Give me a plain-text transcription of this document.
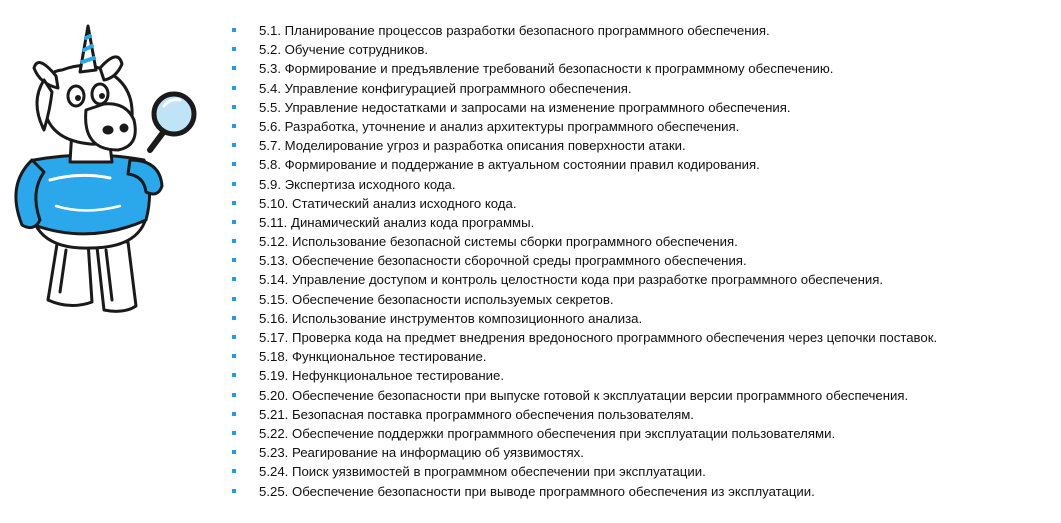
5.1. Планирование процессов разработки безопасного программного обеспечения.
5.2. Обучение сотрудников.
5.3. Формирование и предъявление требований безопасности к программному обеспечению.
5.4. Управление конфигурацией программного обеспечения.
5.5. Управление недостатками и запросами на изменение программного обеспечения.
5.6. Разработка, уточнение и анализ архитектуры программного обеспечения.
5.7. Моделирование угроз и разработка описания поверхности атаки.
5.8. Формирование и поддержание в актуальном состоянии правил кодирования.
5.9. Экспертиза исходного кода.
5.10. Статический анализ исходного кода.
5.11. Динамический анализ кода программы.
5.12. Использование безопасной системы сборки программного обеспечения.
5.13. Обеспечение безопасности сборочной среды программного обеспечения.
5.14. Управление доступом и контроль целостности кода при разработке программного обеспечения.
5.15. Обеспечение безопасности используемых секретов.
5.16. Использование инструментов композиционного анализа.
5.17. Проверка кода на предмет внедрения вредоносного программного обеспечения через цепочки поставок.
5.18. Функциональное тестирование.
5.19. Нефункциональное тестирование.
5.20. Обеспечение безопасности при выпуске готовой к эксплуатации версии программного обеспечения.
5.21. Безопасная поставка программного обеспечения пользователям.
5.22. Обеспечение поддержки программного обеспечения при эксплуатации пользователями.
5.23. Реагирование на информацию об уязвимостях.
5.24. Поиск уязвимостей в программном обеспечении при эксплуатации.
5.25. Обеспечение безопасности при выводе программного обеспечения из эксплуатации.
